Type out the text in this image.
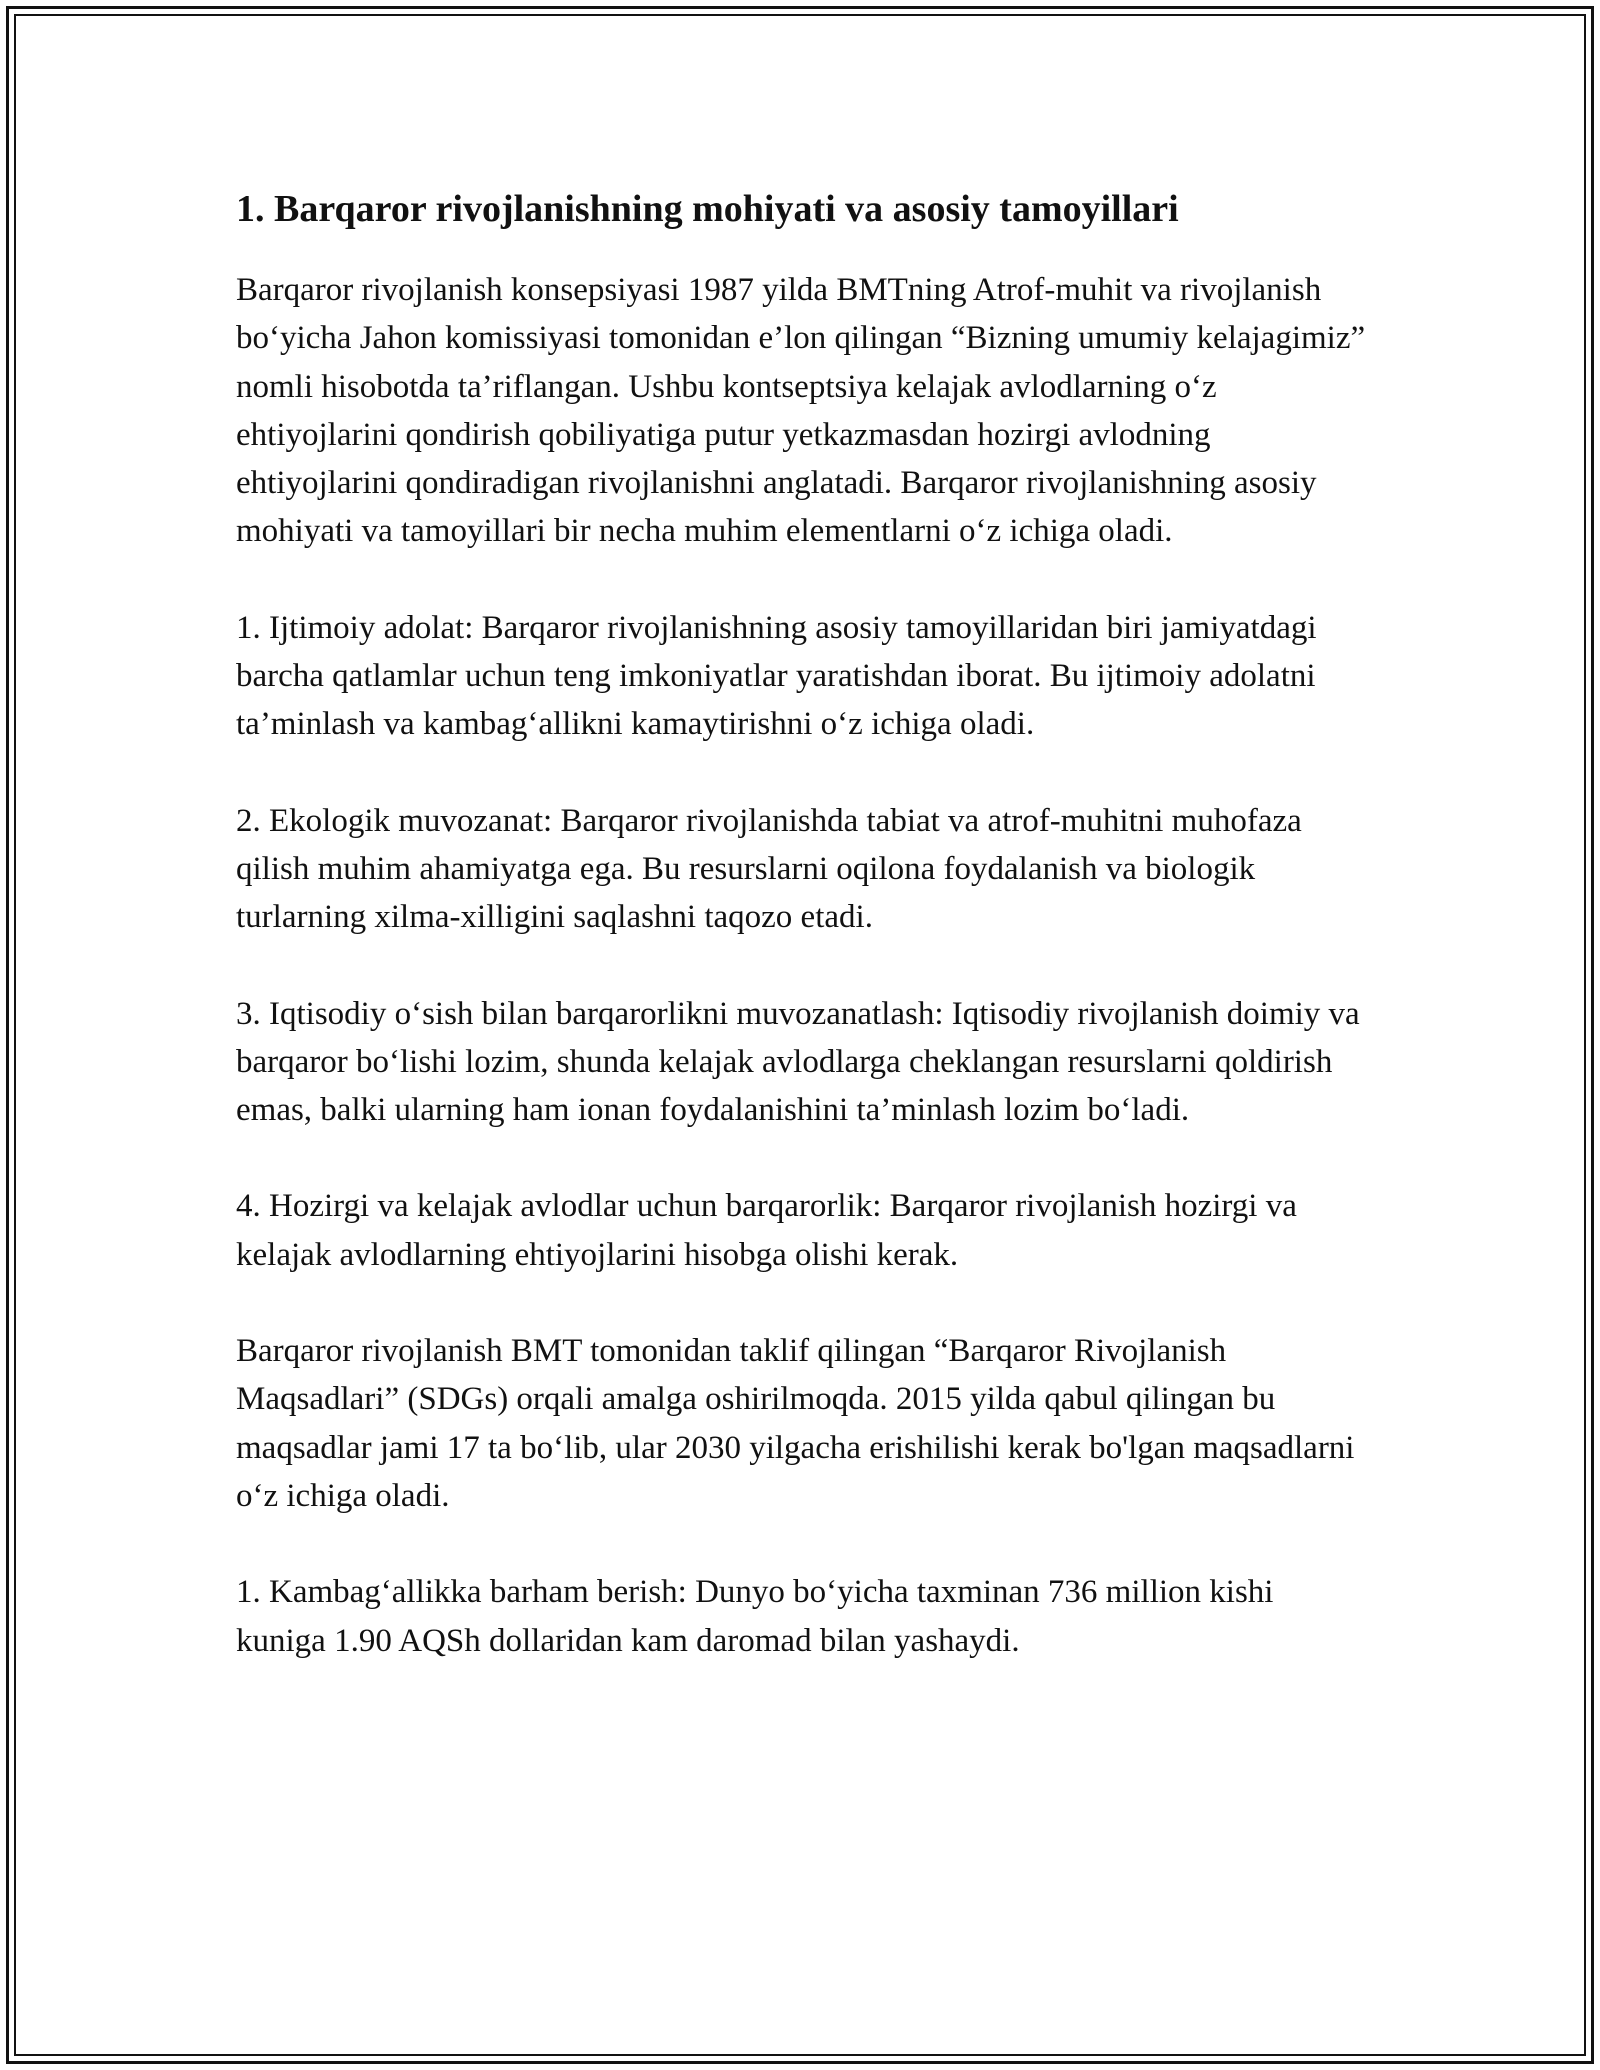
1. Barqaror rivojlanishning mohiyati va asosiy tamoyillari

Barqaror rivojlanish konsepsiyasi 1987 yilda BMTning Atrof-muhit va rivojlanish bo‘yicha Jahon komissiyasi tomonidan e’lon qilingan “Bizning umumiy kelajagimiz” nomli hisobotda ta’riflangan. Ushbu kontseptsiya kelajak avlodlarning o‘z ehtiyojlarini qondirish qobiliyatiga putur yetkazmasdan hozirgi avlodning ehtiyojlarini qondiradigan rivojlanishni anglatadi. Barqaror rivojlanishning asosiy mohiyati va tamoyillari bir necha muhim elementlarni o‘z ichiga oladi.

1. Ijtimoiy adolat: Barqaror rivojlanishning asosiy tamoyillaridan biri jamiyatdagi barcha qatlamlar uchun teng imkoniyatlar yaratishdan iborat. Bu ijtimoiy adolatni ta’minlash va kambag‘allikni kamaytirishni o‘z ichiga oladi.

2. Ekologik muvozanat: Barqaror rivojlanishda tabiat va atrof-muhitni muhofaza qilish muhim ahamiyatga ega. Bu resurslarni oqilona foydalanish va biologik turlarning xilma-xilligini saqlashni taqozo etadi.

3. Iqtisodiy o‘sish bilan barqarorlikni muvozanatlash: Iqtisodiy rivojlanish doimiy va barqaror bo‘lishi lozim, shunda kelajak avlodlarga cheklangan resurslarni qoldirish emas, balki ularning ham ionan foydalanishini ta’minlash lozim bo‘ladi.

4. Hozirgi va kelajak avlodlar uchun barqarorlik: Barqaror rivojlanish hozirgi va kelajak avlodlarning ehtiyojlarini hisobga olishi kerak.

Barqaror rivojlanish BMT tomonidan taklif qilingan “Barqaror Rivojlanish Maqsadlari” (SDGs) orqali amalga oshirilmoqda. 2015 yilda qabul qilingan bu maqsadlar jami 17 ta bo‘lib, ular 2030 yilgacha erishilishi kerak bo'lgan maqsadlarni o‘z ichiga oladi.

1. Kambag‘allikka barham berish: Dunyo bo‘yicha taxminan 736 million kishi kuniga 1.90 AQSh dollaridan kam daromad bilan yashaydi.
